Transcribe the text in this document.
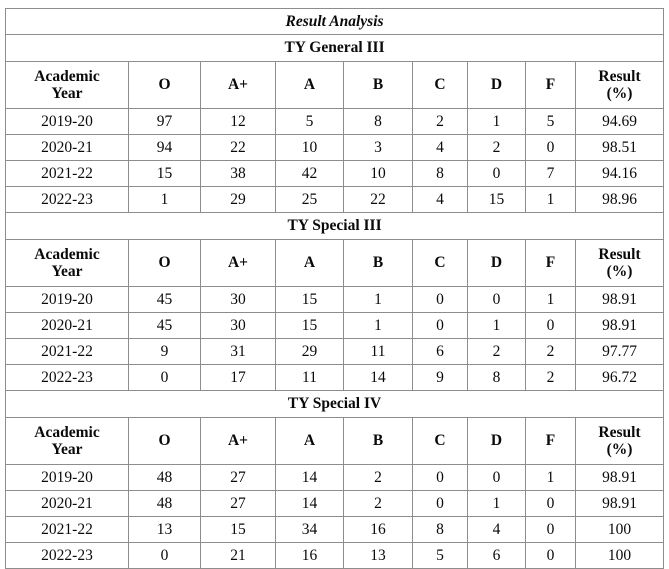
Result Analysis								
TY General III								

Academic
Year	O	A+	A	B	C	D	F	Result
(%)

2019-20	97	12	5	8	2	1	5	94.69
2020-21	94	22	10	3	4	2	0	98.51
2021-22	15	38	42	10	8	0	7	94.16
2022-23	1	29	25	22	4	15	1	98.96
TY Special III								

Academic
Year	O	A+	A	B	C	D	F	Result
(%)

2019-20	45	30	15	1	0	0	1	98.91
2020-21	45	30	15	1	0	1	0	98.91
2021-22	9	31	29	11	6	2	2	97.77
2022-23	0	17	11	14	9	8	2	96.72
TY Special IV								

Academic
Year	O	A+	A	B	C	D	F	Result
(%)

2019-20	48	27	14	2	0	0	1	98.91
2020-21	48	27	14	2	0	1	0	98.91
2021-22	13	15	34	16	8	4	0	100
2022-23	0	21	16	13	5	6	0	100
